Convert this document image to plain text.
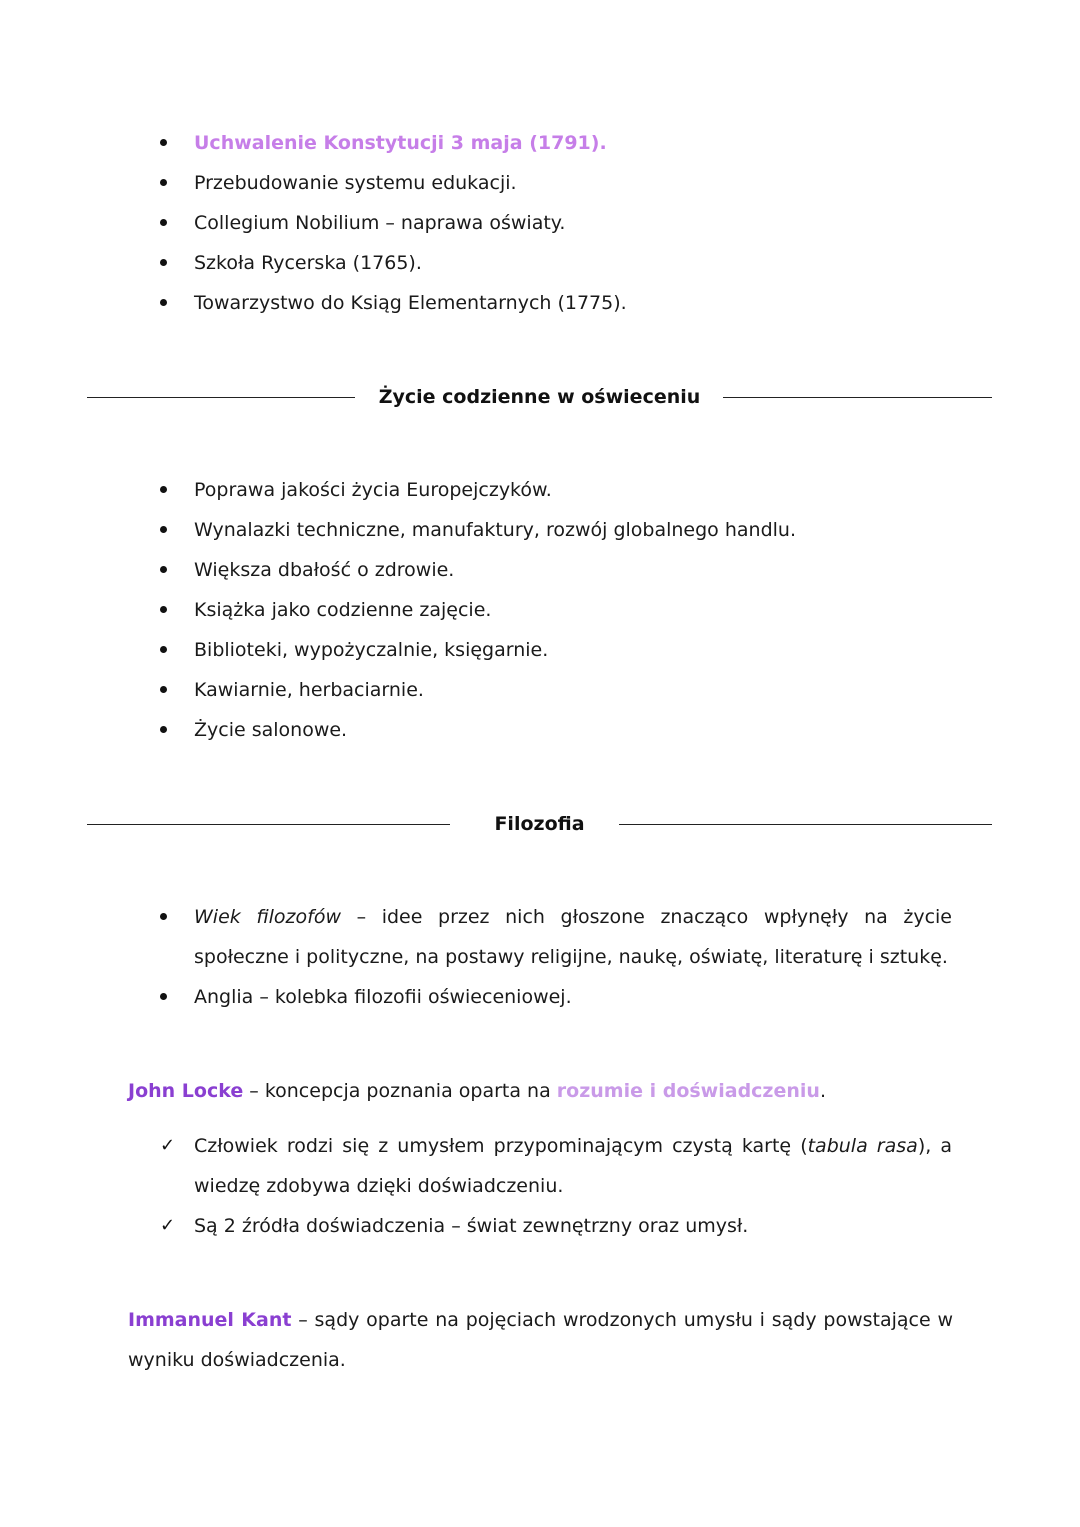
Uchwalenie Konstytucji 3 maja (1791).
Przebudowanie systemu edukacji.
Collegium Nobilium – naprawa oświaty.
Szkoła Rycerska (1765).
Towarzystwo do Ksiąg Elementarnych (1775).
Życie codzienne w oświeceniu
Poprawa jakości życia Europejczyków.
Wynalazki techniczne, manufaktury, rozwój globalnego handlu.
Większa dbałość o zdrowie.
Książka jako codzienne zajęcie.
Biblioteki, wypożyczalnie, księgarnie.
Kawiarnie, herbaciarnie.
Życie salonowe.
Filozofia
Wiek filozofów – idee przez nich głoszone znacząco wpłynęły na życie społeczne i polityczne, na postawy religijne, naukę, oświatę, literaturę i sztukę.
Anglia – kolebka filozofii oświeceniowej.
John Locke – koncepcja poznania oparta na rozumie i doświadczeniu.
✓ Człowiek rodzi się z umysłem przypominającym czystą kartę (tabula rasa), a wiedzę zdobywa dzięki doświadczeniu.
✓ Są 2 źródła doświadczenia – świat zewnętrzny oraz umysł.
Immanuel Kant – sądy oparte na pojęciach wrodzonych umysłu i sądy powstające w wyniku doświadczenia.
